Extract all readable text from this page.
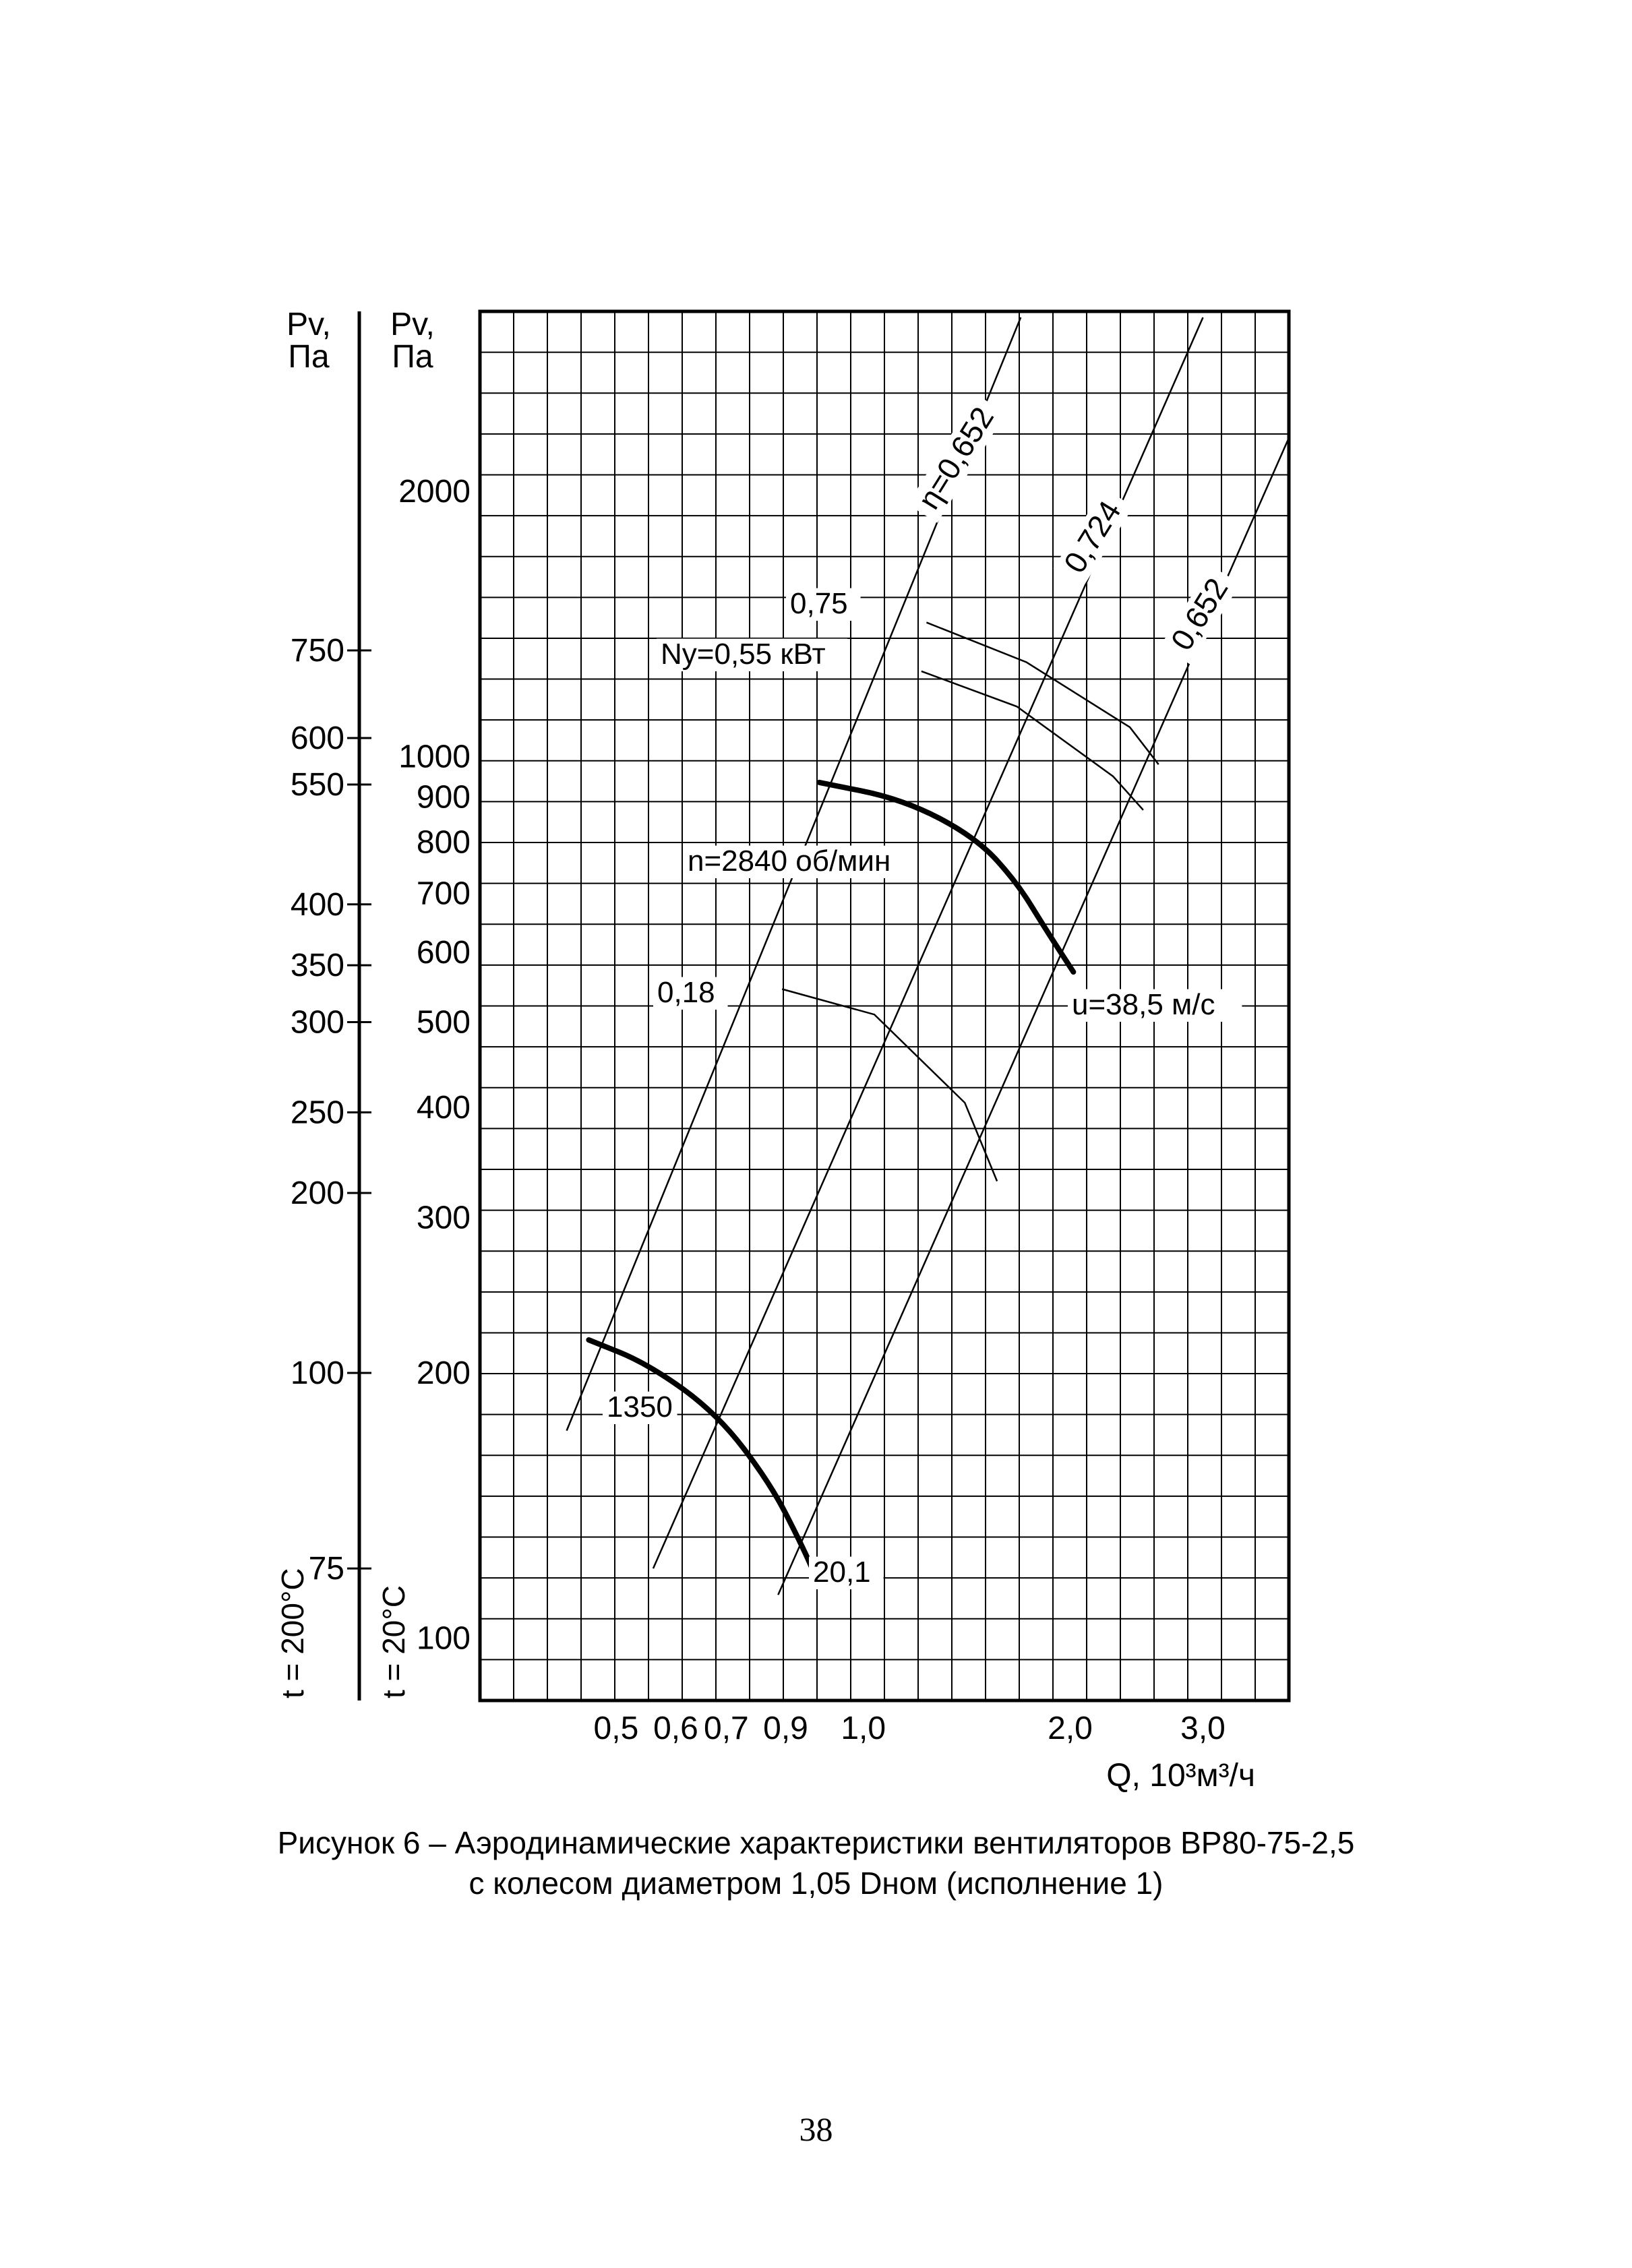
0,75
Ny=0,55 кВт
n=2840 об/мин
u=38,5 м/с
0,18
1350
20,1
η=0,652
0,724
0,652
100
200
300
400
500
600
700
800
900
1000
2000
Pv,
Па
75
100
200
250
300
350
400
550
600
750
Pv,
Па
t = 200°C t = 20°C
0,5 0,6 0,7 0,9 1,0	2,0	3,0
Q, 10³м³/ч
Рисунок 6 – Аэродинамические характеристики вентиляторов ВР80-75-2,5
с колесом диаметром 1,05 Dном (исполнение 1)
38
